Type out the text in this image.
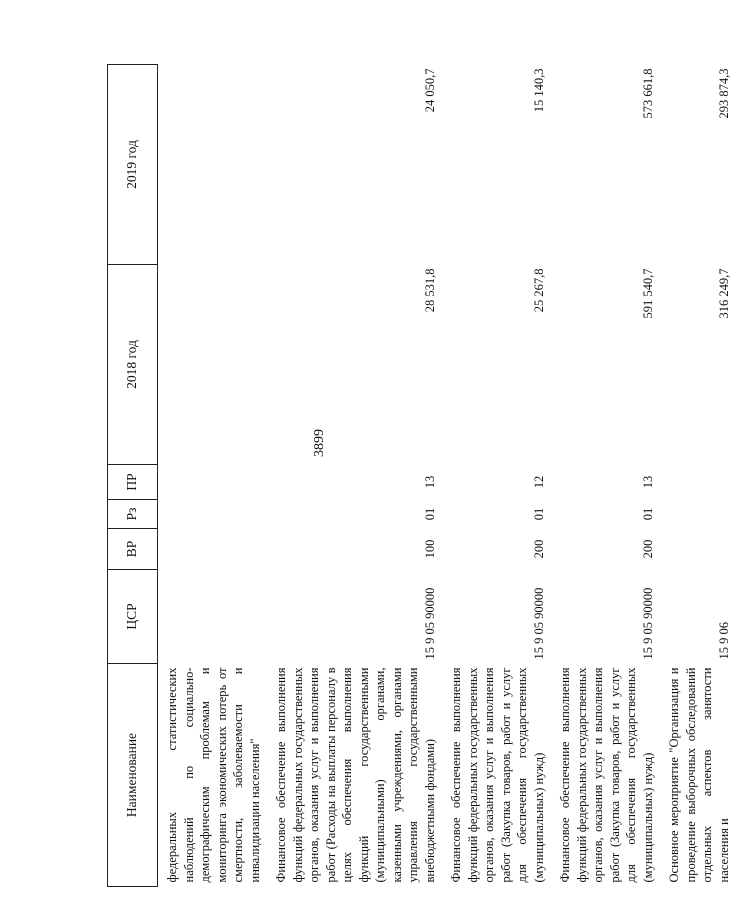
3899
Наименование	ЦСР	ВР	Рз	ПР	2018 год	2019 год
федеральных статистических наблюдений по социально-демографическим проблемам и мониторинга экономических потерь от смертности, заболеваемости и инвалидизации населения"						
Финансовое обеспечение выполнения функций федеральных государственных органов, оказания услуг и выполнения работ (Расходы на выплаты персоналу в целях обеспечения выполнения функций государственными (муниципальными) органами, казенными учреждениями, органами управления государственными внебюджетными фондами)	15 9 05 90000	100	01	13	28 531,8	24 050,7
Финансовое обеспечение выполнения функций федеральных государственных органов, оказания услуг и выполнения работ (Закупка товаров, работ и услуг для обеспечения государственных (муниципальных) нужд)	15 9 05 90000	200	01	12	25 267,8	15 140,3
Финансовое обеспечение выполнения функций федеральных государственных органов, оказания услуг и выполнения работ (Закупка товаров, работ и услуг для обеспечения государственных (муниципальных) нужд)	15 9 05 90000	200	01	13	591 540,7	573 661,8
Основное мероприятие "Организация и проведение выборочных обследований отдельных аспектов занятости населения и	15 9 06				316 249,7	293 874,3
